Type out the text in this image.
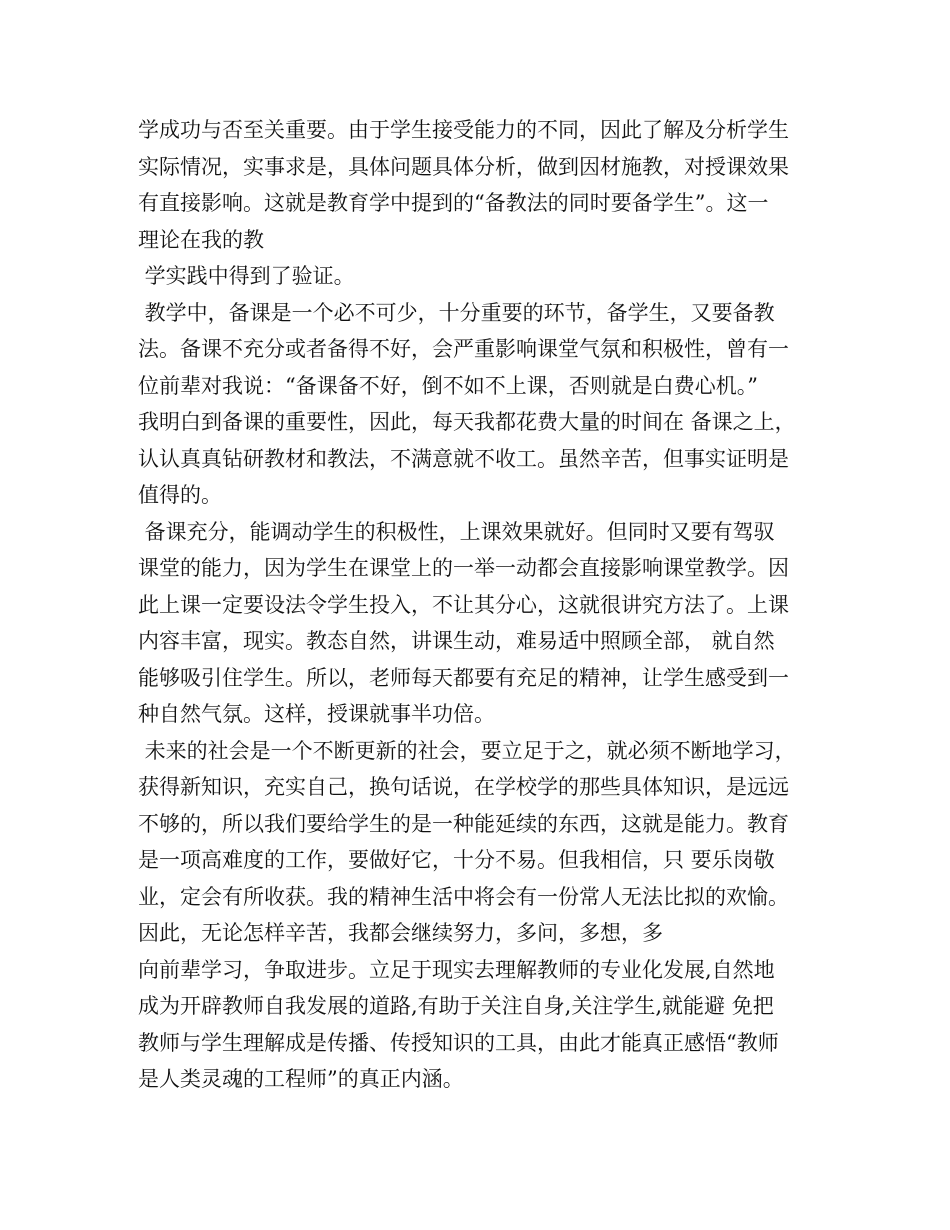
学成功与否至关重要。由于学生接受能力的不同，因此了解及分析学生
实际情况，实事求是，具体问题具体分析，做到因材施教，对授课效果
有直接影响。这就是教育学中提到的“备教法的同时要备学生”。这一
理论在我的教
学实践中得到了验证。
教学中，备课是一个必不可少，十分重要的环节，备学生，又要备教
法。备课不充分或者备得不好，会严重影响课堂气氛和积极性，曾有一
位前辈对我说：“备课备不好，倒不如不上课，否则就是白费心机。”
我明白到备课的重要性，因此，每天我都花费大量的时间在 备课之上，
认认真真钻研教材和教法，不满意就不收工。虽然辛苦，但事实证明是
值得的。
备课充分，能调动学生的积极性，上课效果就好。但同时又要有驾驭
课堂的能力，因为学生在课堂上的一举一动都会直接影响课堂教学。因
此上课一定要设法令学生投入，不让其分心，这就很讲究方法了。上课
内容丰富，现实。教态自然，讲课生动，难易适中照顾全部， 就自然
能够吸引住学生。所以，老师每天都要有充足的精神，让学生感受到一
种自然气氛。这样，授课就事半功倍。
未来的社会是一个不断更新的社会，要立足于之，就必须不断地学习，
获得新知识，充实自己，换句话说，在学校学的那些具体知识，是远远
不够的，所以我们要给学生的是一种能延续的东西，这就是能力。教育
是一项高难度的工作，要做好它，十分不易。但我相信，只 要乐岗敬
业，定会有所收获。我的精神生活中将会有一份常人无法比拟的欢愉。
因此，无论怎样辛苦，我都会继续努力，多问，多想，多
向前辈学习，争取进步。立足于现实去理解教师的专业化发展,自然地
成为开辟教师自我发展的道路,有助于关注自身,关注学生,就能避 免把
教师与学生理解成是传播、传授知识的工具，由此才能真正感悟“教师
是人类灵魂的工程师”的真正内涵。
